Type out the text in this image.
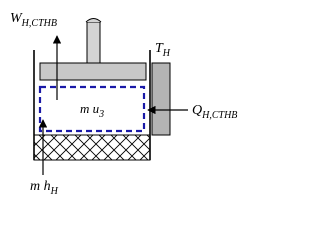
$W_{H,CTHB}$
$T_H$
$Q_{H,CTHB}$
m $u_3$
m $h_H$
